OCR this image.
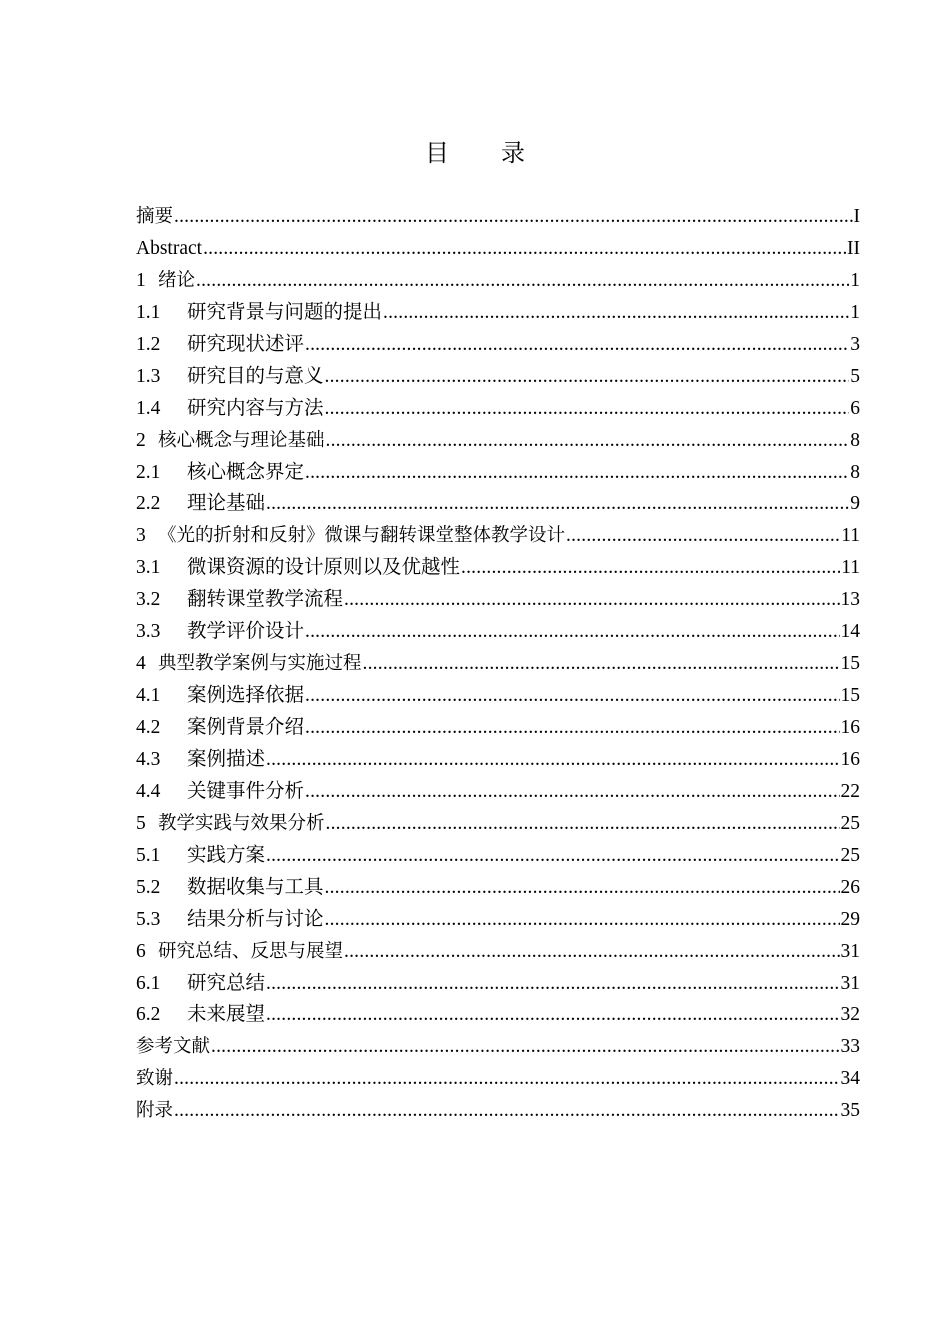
目 录
摘要 .....	I
Abstract .....	II
1 绪论 .....	1
1.1	研究背景与问题的提出 .....	1
1.2	研究现状述评 .....	3
1.3	研究目的与意义 .....	5
1.4	研究内容与方法 .....	6
2 核心概念与理论基础 .....	8
2.1	核心概念界定 .....	8
2.2	理论基础 .....	9
3 《光的折射和反射》微课与翻转课堂整体教学设计 .....	11
3.1	微课资源的设计原则以及优越性 .....	11
3.2	翻转课堂教学流程 .....	13
3.3	教学评价设计 .....	14
4 典型教学案例与实施过程 .....	15
4.1	案例选择依据 .....	15
4.2	案例背景介绍 .....	16
4.3	案例描述 .....	16
4.4	关键事件分析 .....	22
5 教学实践与效果分析 .....	25
5.1	实践方案 .....	25
5.2	数据收集与工具 .....	26
5.3	结果分析与讨论 .....	29
6 研究总结、反思与展望 .....	31
6.1	研究总结 .....	31
6.2	未来展望 .....	32
参考文献 .....	33
致谢 .....	34
附录 .....	35
